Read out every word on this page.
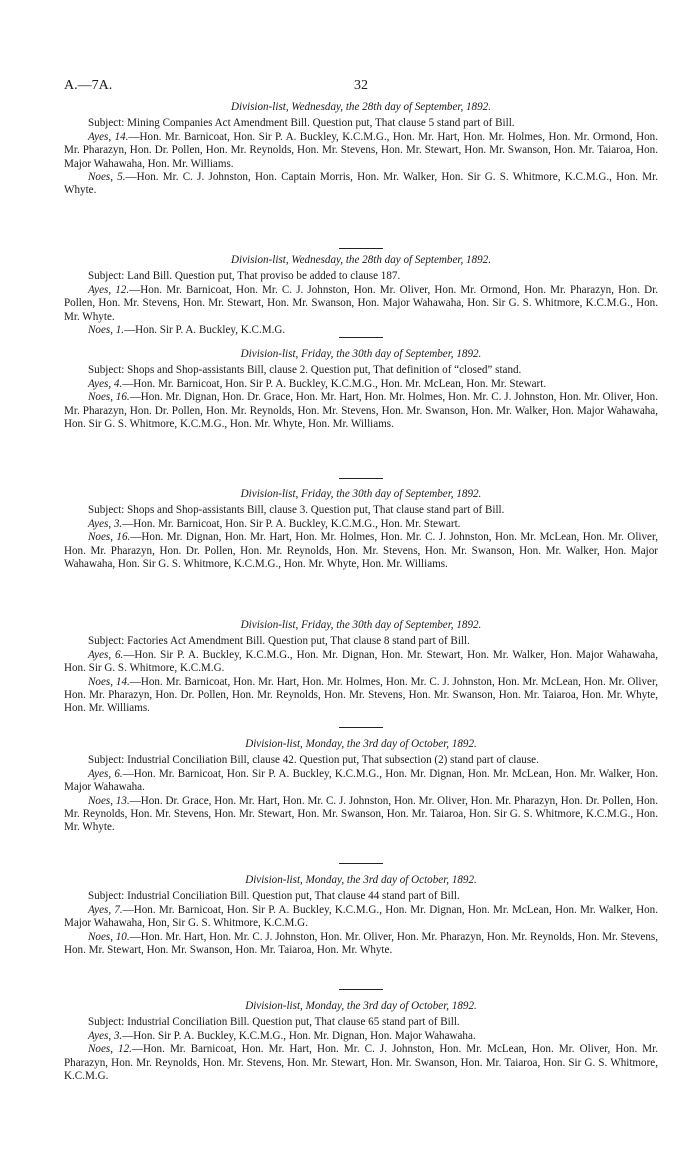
A.—7A.	32

Division-list, Wednesday, the 28th day of September, 1892.

Subject: Mining Companies Act Amendment Bill. Question put, That clause 5 stand part of Bill.

Ayes, 14.—Hon. Mr. Barnicoat, Hon. Sir P. A. Buckley, K.C.M.G., Hon. Mr. Hart, Hon. Mr. Holmes, Hon. Mr. Ormond, Hon. Mr. Pharazyn, Hon. Dr. Pollen, Hon. Mr. Reynolds, Hon. Mr. Stevens, Hon. Mr. Stewart, Hon. Mr. Swanson, Hon. Mr. Taiaroa, Hon. Major Wahawaha, Hon. Mr. Williams.

Noes, 5.—Hon. Mr. C. J. Johnston, Hon. Captain Morris, Hon. Mr. Walker, Hon. Sir G. S. Whitmore, K.C.M.G., Hon. Mr. Whyte.

Division-list, Wednesday, the 28th day of September, 1892.

Subject: Land Bill. Question put, That proviso be added to clause 187.

Ayes, 12.—Hon. Mr. Barnicoat, Hon. Mr. C. J. Johnston, Hon. Mr. Oliver, Hon. Mr. Ormond, Hon. Mr. Pharazyn, Hon. Dr. Pollen, Hon. Mr. Stevens, Hon. Mr. Stewart, Hon. Mr. Swanson, Hon. Major Wahawaha, Hon. Sir G. S. Whitmore, K.C.M.G., Hon. Mr. Whyte.

Noes, 1.—Hon. Sir P. A. Buckley, K.C.M.G.

Division-list, Friday, the 30th day of September, 1892.

Subject: Shops and Shop-assistants Bill, clause 2. Question put, That definition of “closed” stand.

Ayes, 4.—Hon. Mr. Barnicoat, Hon. Sir P. A. Buckley, K.C.M.G., Hon. Mr. McLean, Hon. Mr. Stewart.

Noes, 16.—Hon. Mr. Dignan, Hon. Dr. Grace, Hon. Mr. Hart, Hon. Mr. Holmes, Hon. Mr. C. J. Johnston, Hon. Mr. Oliver, Hon. Mr. Pharazyn, Hon. Dr. Pollen, Hon. Mr. Reynolds, Hon. Mr. Stevens, Hon. Mr. Swanson, Hon. Mr. Walker, Hon. Major Wahawaha, Hon. Sir G. S. Whitmore, K.C.M.G., Hon. Mr. Whyte, Hon. Mr. Williams.

Division-list, Friday, the 30th day of September, 1892.

Subject: Shops and Shop-assistants Bill, clause 3. Question put, That clause stand part of Bill.

Ayes, 3.—Hon. Mr. Barnicoat, Hon. Sir P. A. Buckley, K.C.M.G., Hon. Mr. Stewart.

Noes, 16.—Hon. Mr. Dignan, Hon. Mr. Hart, Hon. Mr. Holmes, Hon. Mr. C. J. Johnston, Hon. Mr. McLean, Hon. Mr. Oliver, Hon. Mr. Pharazyn, Hon. Dr. Pollen, Hon. Mr. Reynolds, Hon. Mr. Stevens, Hon. Mr. Swanson, Hon. Mr. Walker, Hon. Major Wahawaha, Hon. Sir G. S. Whitmore, K.C.M.G., Hon. Mr. Whyte, Hon. Mr. Williams.

Division-list, Friday, the 30th day of September, 1892.

Subject: Factories Act Amendment Bill. Question put, That clause 8 stand part of Bill.

Ayes, 6.—Hon. Sir P. A. Buckley, K.C.M.G., Hon. Mr. Dignan, Hon. Mr. Stewart, Hon. Mr. Walker, Hon. Major Wahawaha, Hon. Sir G. S. Whitmore, K.C.M.G.

Noes, 14.—Hon. Mr. Barnicoat, Hon. Mr. Hart, Hon. Mr. Holmes, Hon. Mr. C. J. Johnston, Hon. Mr. McLean, Hon. Mr. Oliver, Hon. Mr. Pharazyn, Hon. Dr. Pollen, Hon. Mr. Reynolds, Hon. Mr. Stevens, Hon. Mr. Swanson, Hon. Mr. Taiaroa, Hon. Mr. Whyte, Hon. Mr. Williams.

Division-list, Monday, the 3rd day of October, 1892.

Subject: Industrial Conciliation Bill, clause 42. Question put, That subsection (2) stand part of clause.

Ayes, 6.—Hon. Mr. Barnicoat, Hon. Sir P. A. Buckley, K.C.M.G., Hon. Mr. Dignan, Hon. Mr. McLean, Hon. Mr. Walker, Hon. Major Wahawaha.

Noes, 13.—Hon. Dr. Grace, Hon. Mr. Hart, Hon. Mr. C. J. Johnston, Hon. Mr. Oliver, Hon. Mr. Pharazyn, Hon. Dr. Pollen, Hon. Mr. Reynolds, Hon. Mr. Stevens, Hon. Mr. Stewart, Hon. Mr. Swanson, Hon. Mr. Taiaroa, Hon. Sir G. S. Whitmore, K.C.M.G., Hon. Mr. Whyte.

Division-list, Monday, the 3rd day of October, 1892.

Subject: Industrial Conciliation Bill. Question put, That clause 44 stand part of Bill.

Ayes, 7.—Hon. Mr. Barnicoat, Hon. Sir P. A. Buckley, K.C.M.G., Hon. Mr. Dignan, Hon. Mr. McLean, Hon. Mr. Walker, Hon. Major Wahawaha, Hon, Sir G. S. Whitmore, K.C.M.G.

Noes, 10.—Hon. Mr. Hart, Hon. Mr. C. J. Johnston, Hon. Mr. Oliver, Hon. Mr. Pharazyn, Hon. Mr. Reynolds, Hon. Mr. Stevens, Hon. Mr. Stewart, Hon. Mr. Swanson, Hon. Mr. Taiaroa, Hon. Mr. Whyte.

Division-list, Monday, the 3rd day of October, 1892.

Subject: Industrial Conciliation Bill. Question put, That clause 65 stand part of Bill.

Ayes, 3.—Hon. Sir P. A. Buckley, K.C.M.G., Hon. Mr. Dignan, Hon. Major Wahawaha.

Noes, 12.—Hon. Mr. Barnicoat, Hon. Mr. Hart, Hon. Mr. C. J. Johnston, Hon. Mr. McLean, Hon. Mr. Oliver, Hon. Mr. Pharazyn, Hon. Mr. Reynolds, Hon. Mr. Stevens, Hon. Mr. Stewart, Hon. Mr. Swanson, Hon. Mr. Taiaroa, Hon. Sir G. S. Whitmore, K.C.M.G.
